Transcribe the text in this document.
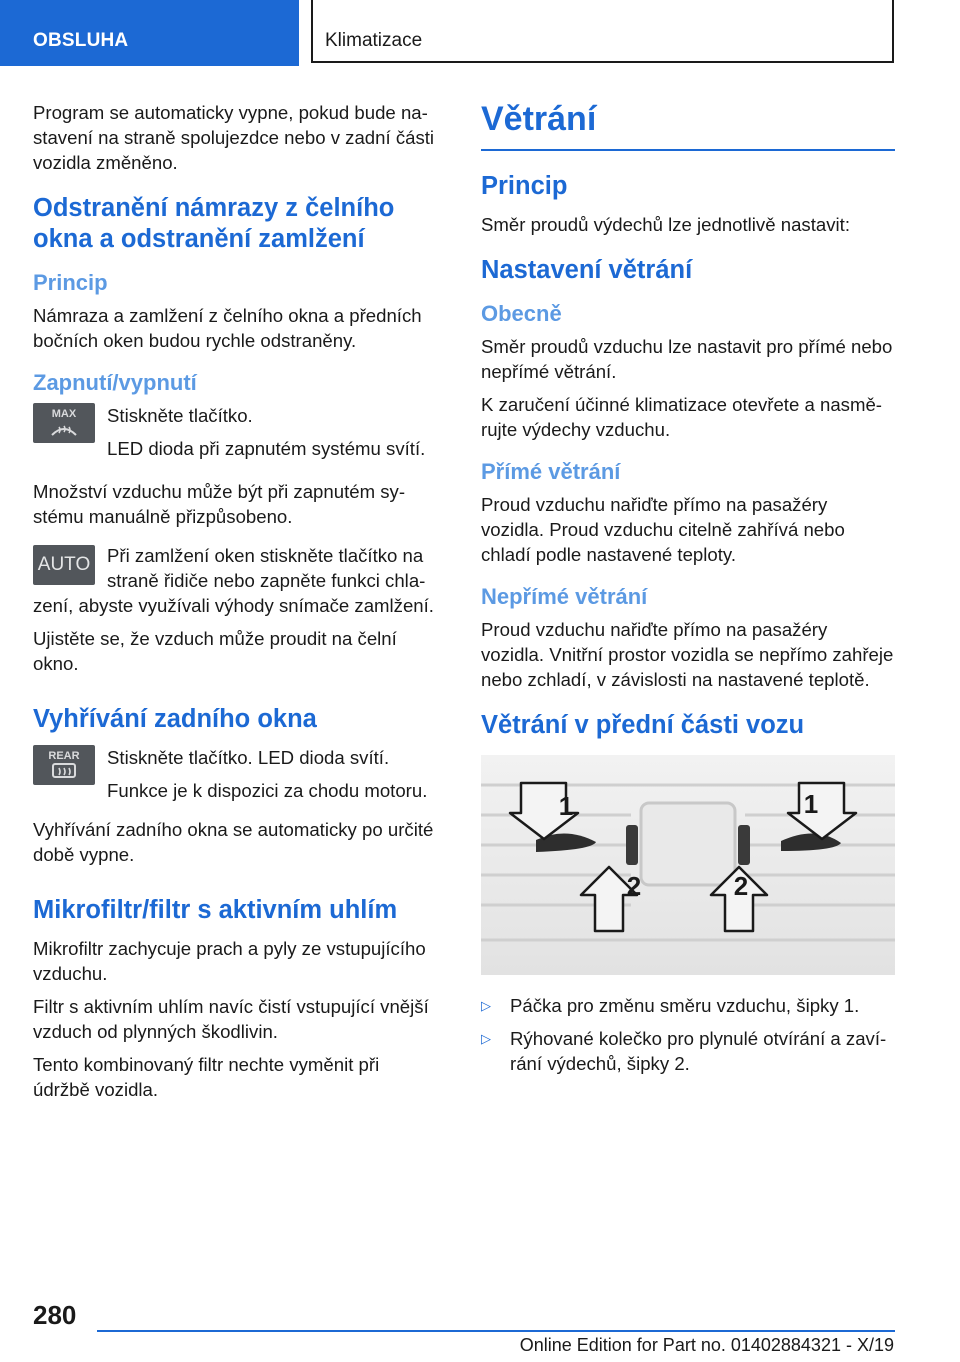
OBSLUHA	Klimatizace

Program se automaticky vypne, pokud bude na-stavení na straně spolujezdce nebo v zadní části vozidla změněno.

Odstranění námrazy z čelního okna a odstranění zamlžení
Princip

Námraza a zamlžení z čelního okna a předních bočních oken budou rychle odstraněny.

Zapnutí/vypnutí
MAX Stiskněte tlačítko.

LED dioda při zapnutém systému svítí.

Množství vzduchu může být při zapnutém sy-stému manuálně přizpůsobeno.

AUTO Při zamlžení oken stiskněte tlačítko na straně řidiče nebo zapněte funkci chla-zení, abyste využívali výhody snímače zamlžení.

Ujistěte se, že vzduch může proudit na čelní okno.

Vyhřívání zadního okna
REAR Stiskněte tlačítko. LED dioda svítí.

Funkce je k dispozici za chodu motoru.

Vyhřívání zadního okna se automaticky po určité době vypne.

Mikrofiltr/filtr s aktivním uhlím

Mikrofiltr zachycuje prach a pyly ze vstupujícího vzduchu.

Filtr s aktivním uhlím navíc čistí vstupující vnější vzduch od plynných škodlivin.

Tento kombinovaný filtr nechte vyměnit při údržbě vozidla.

Větrání
Princip

Směr proudů výdechů lze jednotlivě nastavit:

Nastavení větrání
Obecně

Směr proudů vzduchu lze nastavit pro přímé nebo nepřímé větrání.

K zaručení účinné klimatizace otevřete a nasmě-rujte výdechy vzduchu.

Přímé větrání

Proud vzduchu nařiďte přímo na pasažéry vozidla. Proud vzduchu citelně zahřívá nebo chladí podle nastavené teploty.

Nepřímé větrání

Proud vzduchu nařiďte přímo na pasažéry vozidla. Vnitřní prostor vozidla se nepřímo zahřeje nebo zchladí, v závislosti na nastavené teplotě.

Větrání v přední části vozu
1	1
2	2
▷ Páčka pro změnu směru vzduchu, šipky 1.
▷ Rýhované kolečko pro plynulé otvírání a zaví-rání výdechů, šipky 2.
280
Online Edition for Part no. 01402884321 - X/19
